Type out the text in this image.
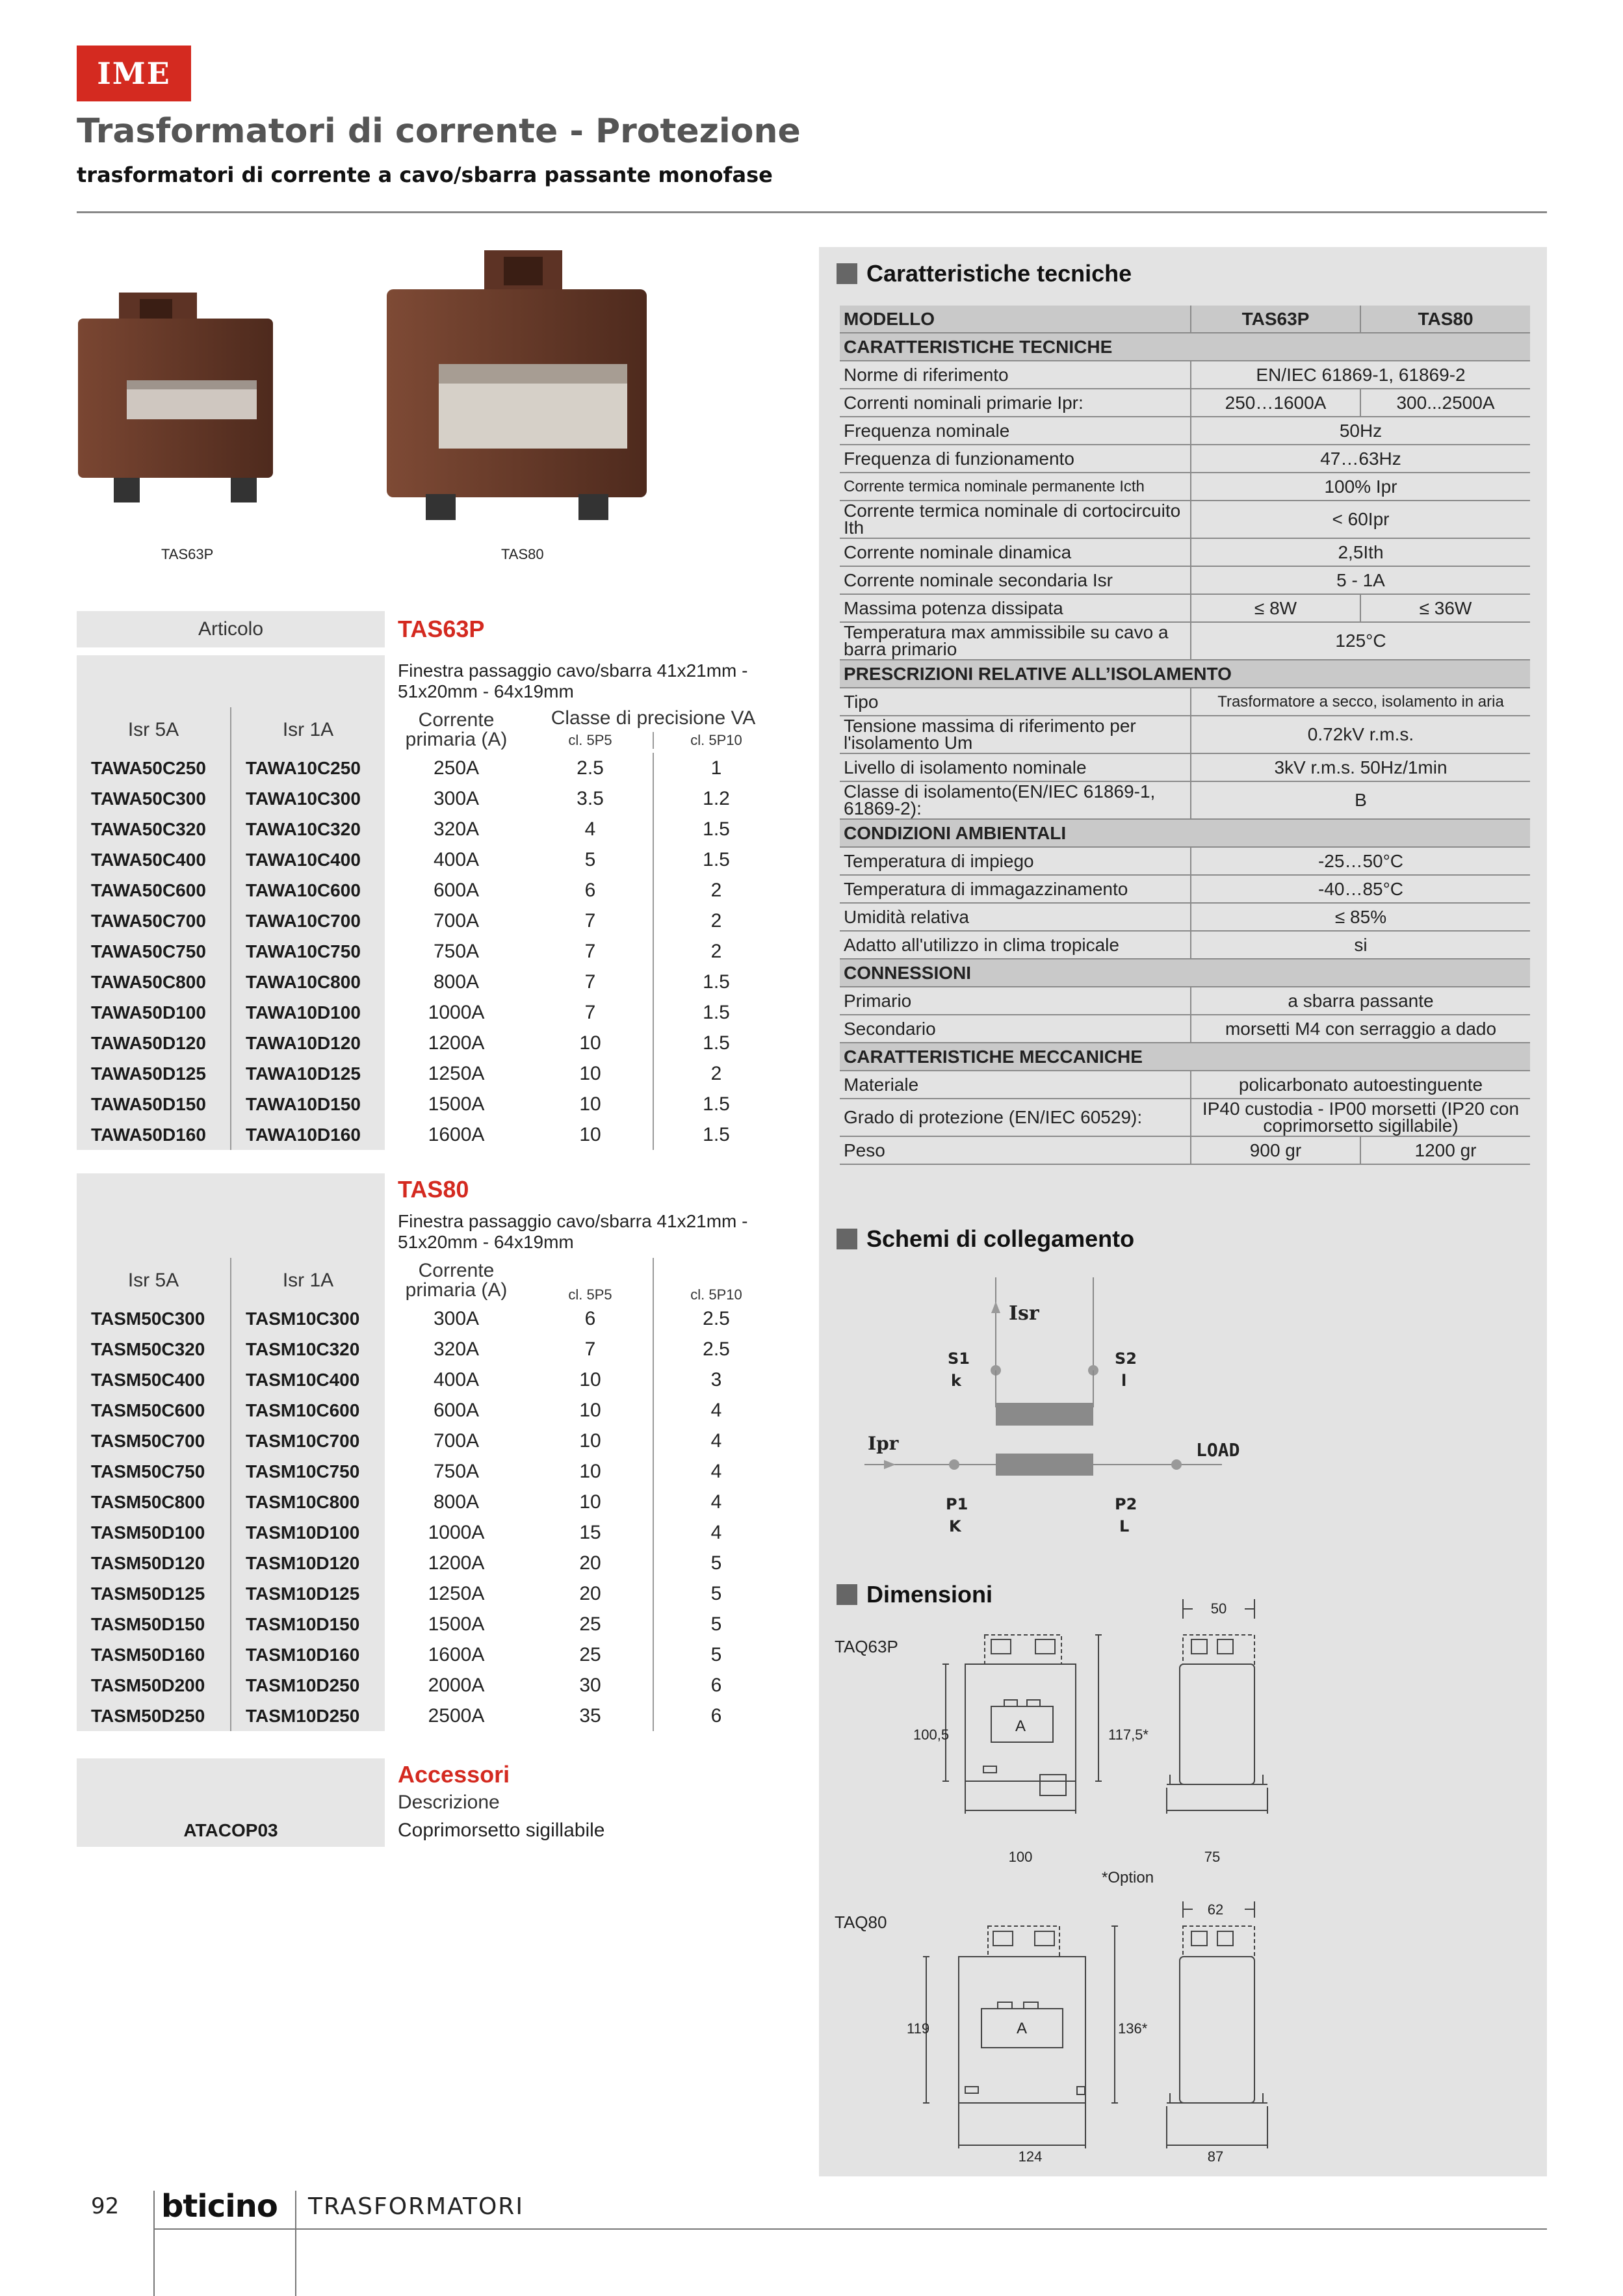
IME
Trasformatori di corrente - Protezione
trasformatori di corrente a cavo/sbarra passante monofase
TAS63P	TAS80
Articolo		TAS63P		

		Finestra passaggio cavo/sbarra 41x21mm - 51x20mm - 64x19mm		
Isr 5A	Isr 1A	Corrente primaria (A)	Classe di precisione VA
cl. 5P5 cl. 5P10	

TAWA50C250	TAWA10C250	250A	2.5	1
TAWA50C300	TAWA10C300	300A	3.5	1.2
TAWA50C320	TAWA10C320	320A	4	1.5
TAWA50C400	TAWA10C400	400A	5	1.5
TAWA50C600	TAWA10C600	600A	6	2
TAWA50C700	TAWA10C700	700A	7	2
TAWA50C750	TAWA10C750	750A	7	2
TAWA50C800	TAWA10C800	800A	7	1.5
TAWA50D100	TAWA10D100	1000A	7	1.5
TAWA50D120	TAWA10D120	1200A	10	1.5
TAWA50D125	TAWA10D125	1250A	10	2
TAWA50D150	TAWA10D150	1500A	10	1.5
TAWA50D160	TAWA10D160	1600A	10	1.5
		TAS80		
		Finestra passaggio cavo/sbarra 41x21mm - 51x20mm - 64x19mm		
Isr 5A	Isr 1A	Corrente primaria (A)	cl. 5P5	cl. 5P10
TASM50C300	TASM10C300	300A	6	2.5
TASM50C320	TASM10C320	320A	7	2.5
TASM50C400	TASM10C400	400A	10	3
TASM50C600	TASM10C600	600A	10	4
TASM50C700	TASM10C700	700A	10	4
TASM50C750	TASM10C750	750A	10	4
TASM50C800	TASM10C800	800A	10	4
TASM50D100	TASM10D100	1000A	15	4
TASM50D120	TASM10D120	1200A	20	5
TASM50D125	TASM10D125	1250A	20	5
TASM50D150	TASM10D150	1500A	25	5
TASM50D160	TASM10D160	1600A	25	5
TASM50D200	TASM10D250	2000A	30	6
TASM50D250	TASM10D250	2500A	35	6
	Accessori
	Descrizione
ATACOP03	Coprimorsetto sigillabile
Caratteristiche tecniche
MODELLO	TAS63P	TAS80
CARATTERISTICHE TECNICHE		
Norme di riferimento	EN/IEC 61869-1, 61869-2	
Correnti nominali primarie Ipr:	250…1600A	300...2500A
Frequenza nominale	50Hz	
Frequenza di funzionamento	47…63Hz	
Corrente termica nominale permanente Icth	100% Ipr	
Corrente termica nominale di cortocircuito Ith	< 60Ipr	
Corrente nominale dinamica	2,5Ith	
Corrente nominale secondaria Isr	5 - 1A	
Massima potenza dissipata	≤ 8W	≤ 36W
Temperatura max ammissibile su cavo a barra primario	125°C	
PRESCRIZIONI RELATIVE ALL’ISOLAMENTO		
Tipo	Trasformatore a secco, isolamento in aria	
Tensione massima di riferimento per l'isolamento Um	0.72kV r.m.s.	
Livello di isolamento nominale	3kV r.m.s. 50Hz/1min	
Classe di isolamento(EN/IEC 61869-1, 61869-2):	B	
CONDIZIONI AMBIENTALI		
Temperatura di impiego	-25…50°C	
Temperatura di immagazzinamento	-40…85°C	
Umidità relativa	≤ 85%	
Adatto all'utilizzo in clima tropicale	si	
CONNESSIONI		
Primario	a sbarra passante	
Secondario	morsetti M4 con serraggio a dado	
CARATTERISTICHE MECCANICHE		
Materiale	policarbonato autoestinguente	
Grado di protezione (EN/IEC 60529):	IP40 custodia - IP00 morsetti (IP20 con coprimorsetto sigillabile)	
Peso	900 gr	1200 gr
Schemi di collegamento
Isr
S1
k
S2
l
Ipr	LOAD
P1
K
P2
L
Dimensioni
TAQ63P
A
100,5	117,5*
100
50
75
*Option
TAQ80
A
119	136*
124
62
87
92 bticino TRASFORMATORI
